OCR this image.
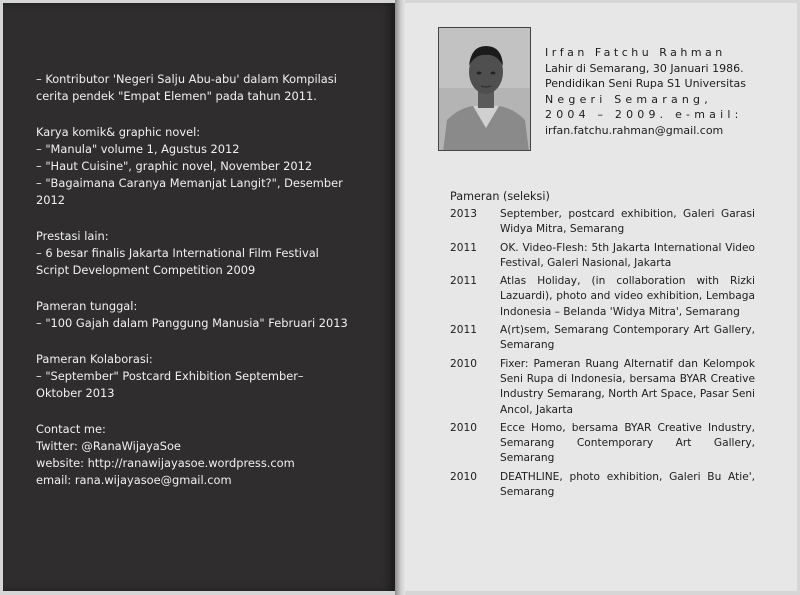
– Kontributor 'Negeri Salju Abu-abu' dalam Kompilasi
cerita pendek "Empat Elemen" pada tahun 2011.
Karya komik& graphic novel:
– "Manula" volume 1, Agustus 2012
– "Haut Cuisine", graphic novel, November 2012
– "Bagaimana Caranya Memanjat Langit?", Desember
2012
Prestasi lain:
– 6 besar finalis Jakarta International Film Festival
Script Development Competition 2009
Pameran tunggal:
– "100 Gajah dalam Panggung Manusia" Februari 2013
Pameran Kolaborasi:
– "September" Postcard Exhibition September–
Oktober 2013
Contact me:
Twitter: @RanaWijayaSoe
website: http://ranawijayasoe.wordpress.com
email: rana.wijayasoe@gmail.com
Irfan Fatchu Rahman
Lahir di Semarang, 30 Januari 1986.
Pendidikan Seni Rupa S1 Universitas
Negeri Semarang,
2004 – 2009. e-mail:
irfan.fatchu.rahman@gmail.com
Pameran (seleksi)
2013	September, postcard exhibition, Galeri Garasi Widya Mitra, Semarang
2011	OK. Video-Flesh: 5th Jakarta International Video Festival, Galeri Nasional, Jakarta
2011	Atlas Holiday, (in collaboration with Rizki Lazuardi), photo and video exhibition, Lembaga Indonesia – Belanda 'Widya Mitra', Semarang
2011	A(rt)sem, Semarang Contemporary Art Gallery, Semarang
2010	Fixer: Pameran Ruang Alternatif dan Kelompok Seni Rupa di Indonesia, bersama BYAR Creative Industry Semarang, North Art Space, Pasar Seni Ancol, Jakarta
2010	Ecce Homo, bersama BYAR Creative Industry, Semarang Contemporary Art Gallery, Semarang
2010	DEATHLINE, photo exhibition, Galeri Bu Atie', Semarang
